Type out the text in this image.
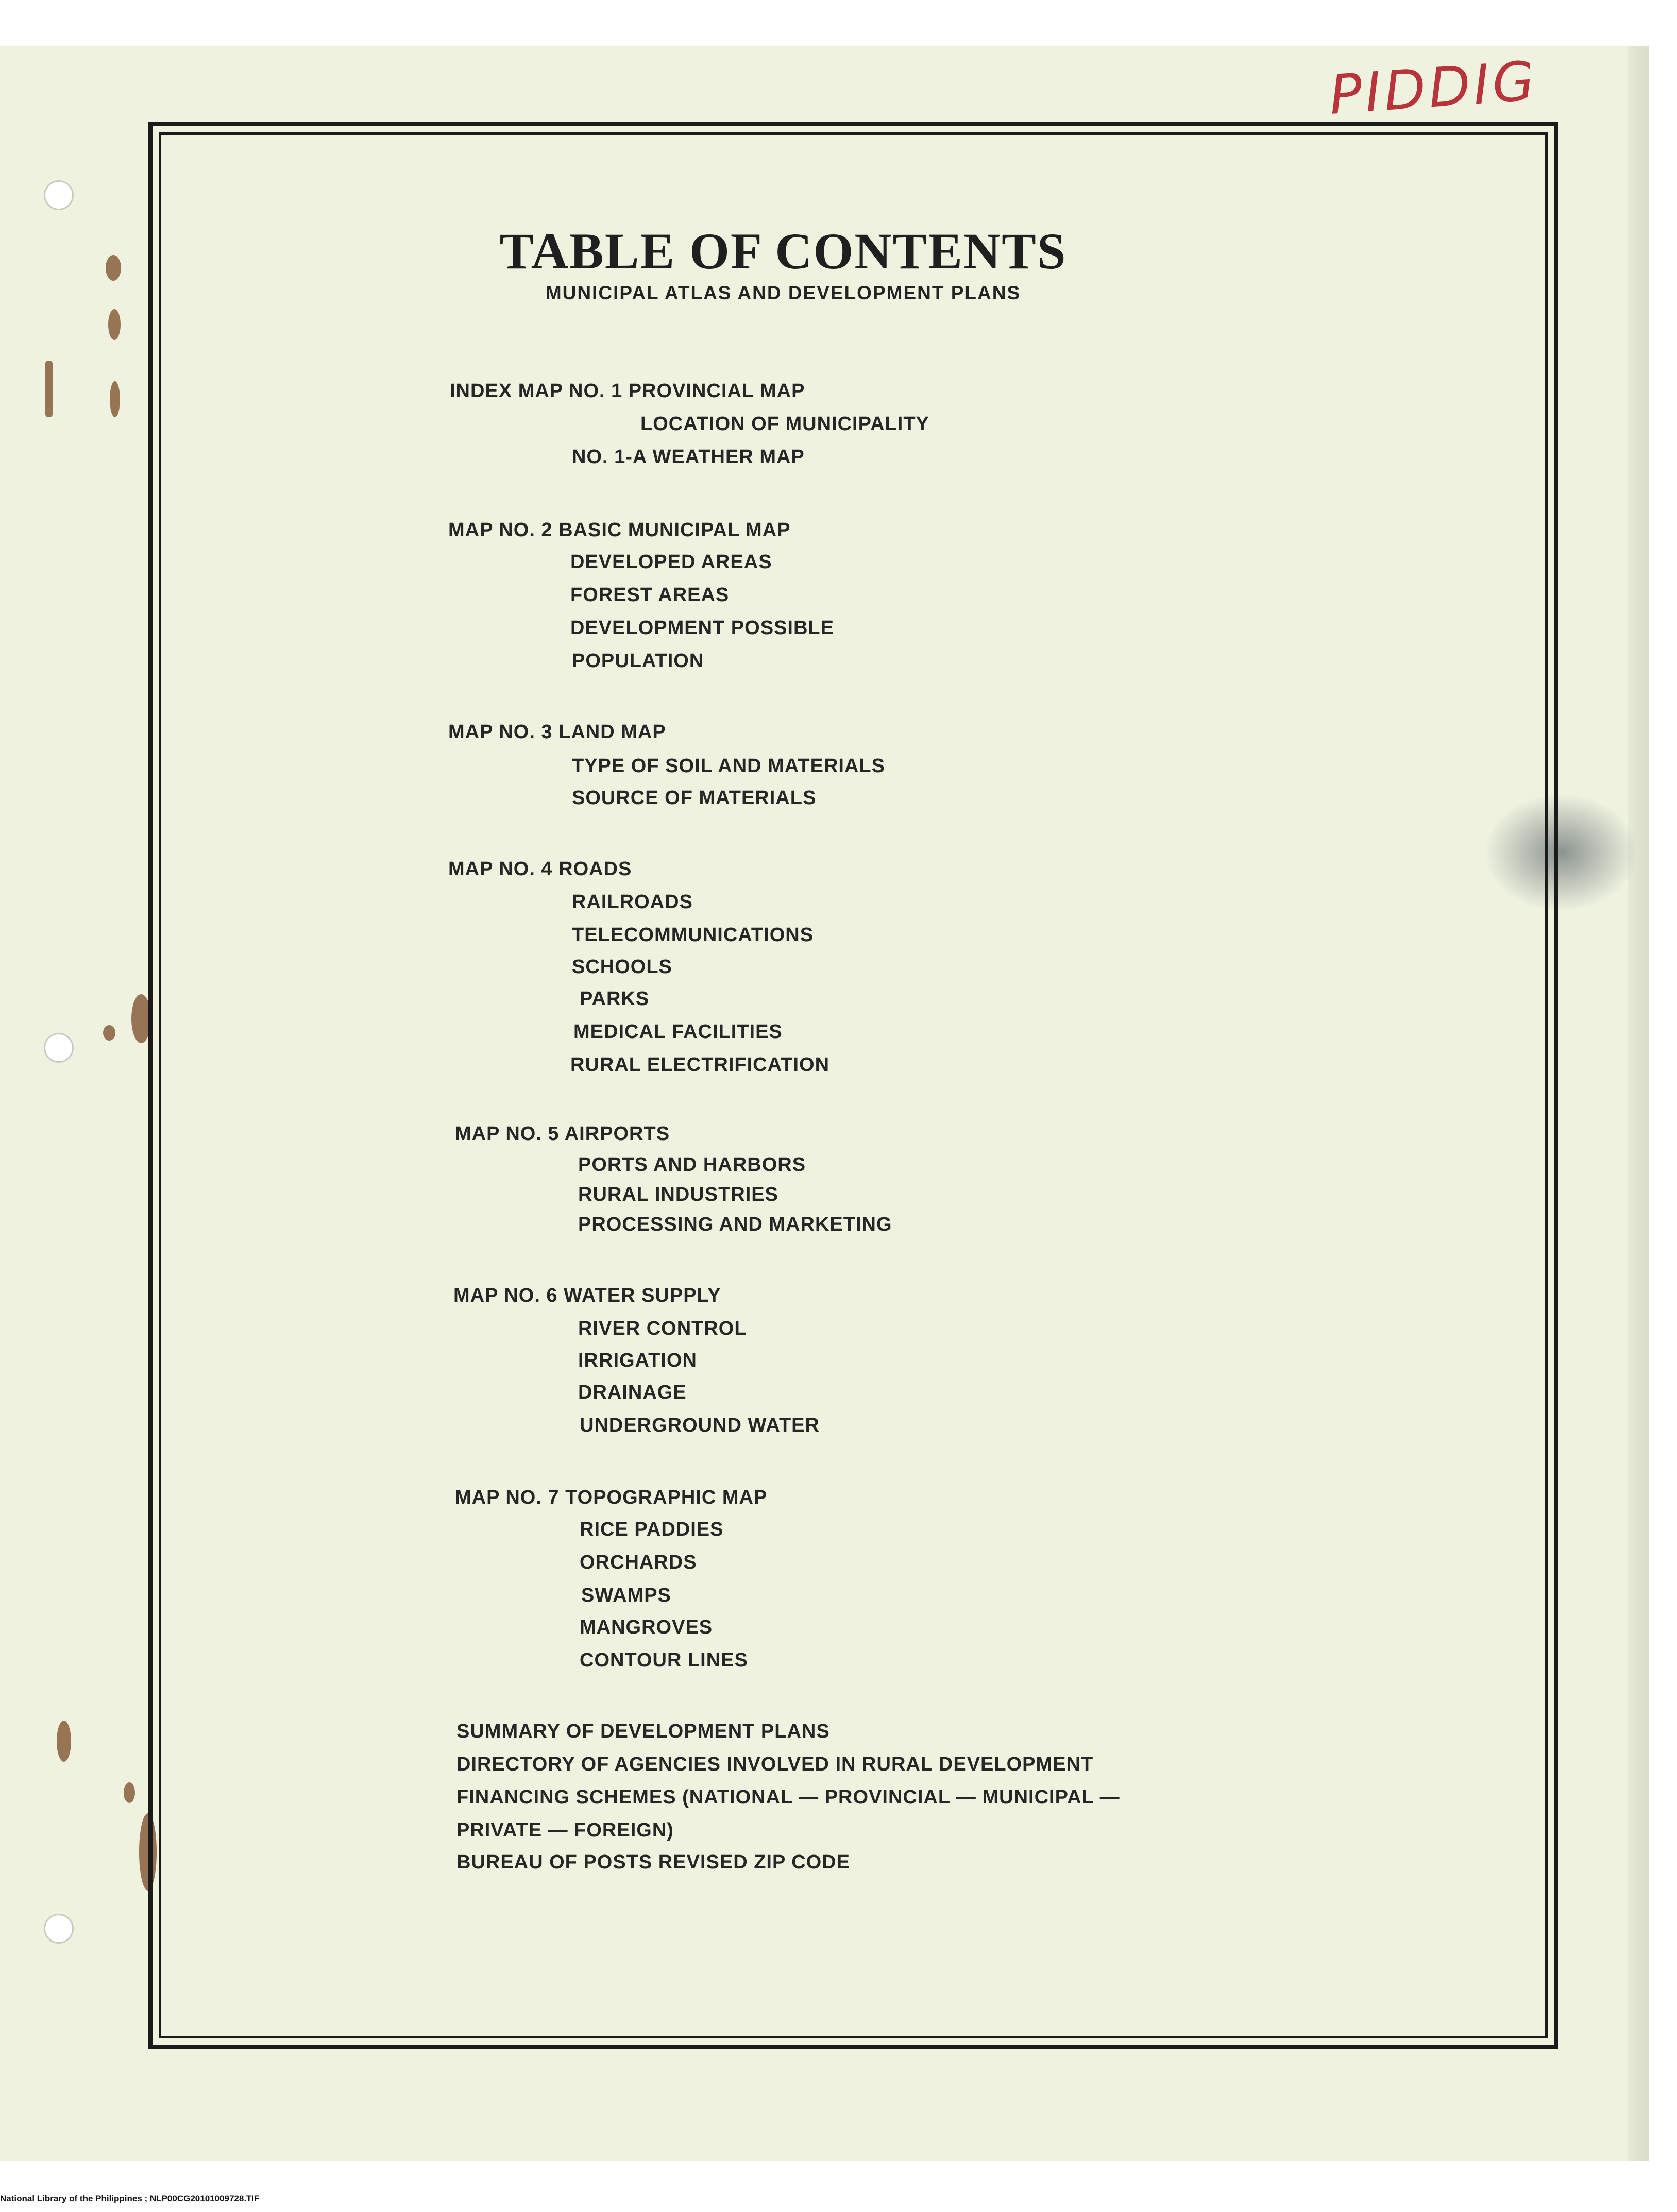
PIDDIG
TABLE OF CONTENTS
MUNICIPAL ATLAS AND DEVELOPMENT PLANS
INDEX MAP NO. 1 PROVINCIAL MAP
LOCATION OF MUNICIPALITY
NO. 1-A WEATHER MAP
MAP NO. 2 BASIC MUNICIPAL MAP
DEVELOPED AREAS
FOREST AREAS
DEVELOPMENT POSSIBLE
POPULATION
MAP NO. 3 LAND MAP
TYPE OF SOIL AND MATERIALS
SOURCE OF MATERIALS
MAP NO. 4 ROADS
RAILROADS
TELECOMMUNICATIONS
SCHOOLS
PARKS
MEDICAL FACILITIES
RURAL ELECTRIFICATION
MAP NO. 5 AIRPORTS
PORTS AND HARBORS
RURAL INDUSTRIES
PROCESSING AND MARKETING
MAP NO. 6 WATER SUPPLY
RIVER CONTROL
IRRIGATION
DRAINAGE
UNDERGROUND WATER
MAP NO. 7 TOPOGRAPHIC MAP
RICE PADDIES
ORCHARDS
SWAMPS
MANGROVES
CONTOUR LINES
SUMMARY OF DEVELOPMENT PLANS
DIRECTORY OF AGENCIES INVOLVED IN RURAL DEVELOPMENT
FINANCING SCHEMES (NATIONAL — PROVINCIAL — MUNICIPAL —
PRIVATE — FOREIGN)
BUREAU OF POSTS REVISED ZIP CODE
National Library of the Philippines ; NLP00CG20101009728.TIF
